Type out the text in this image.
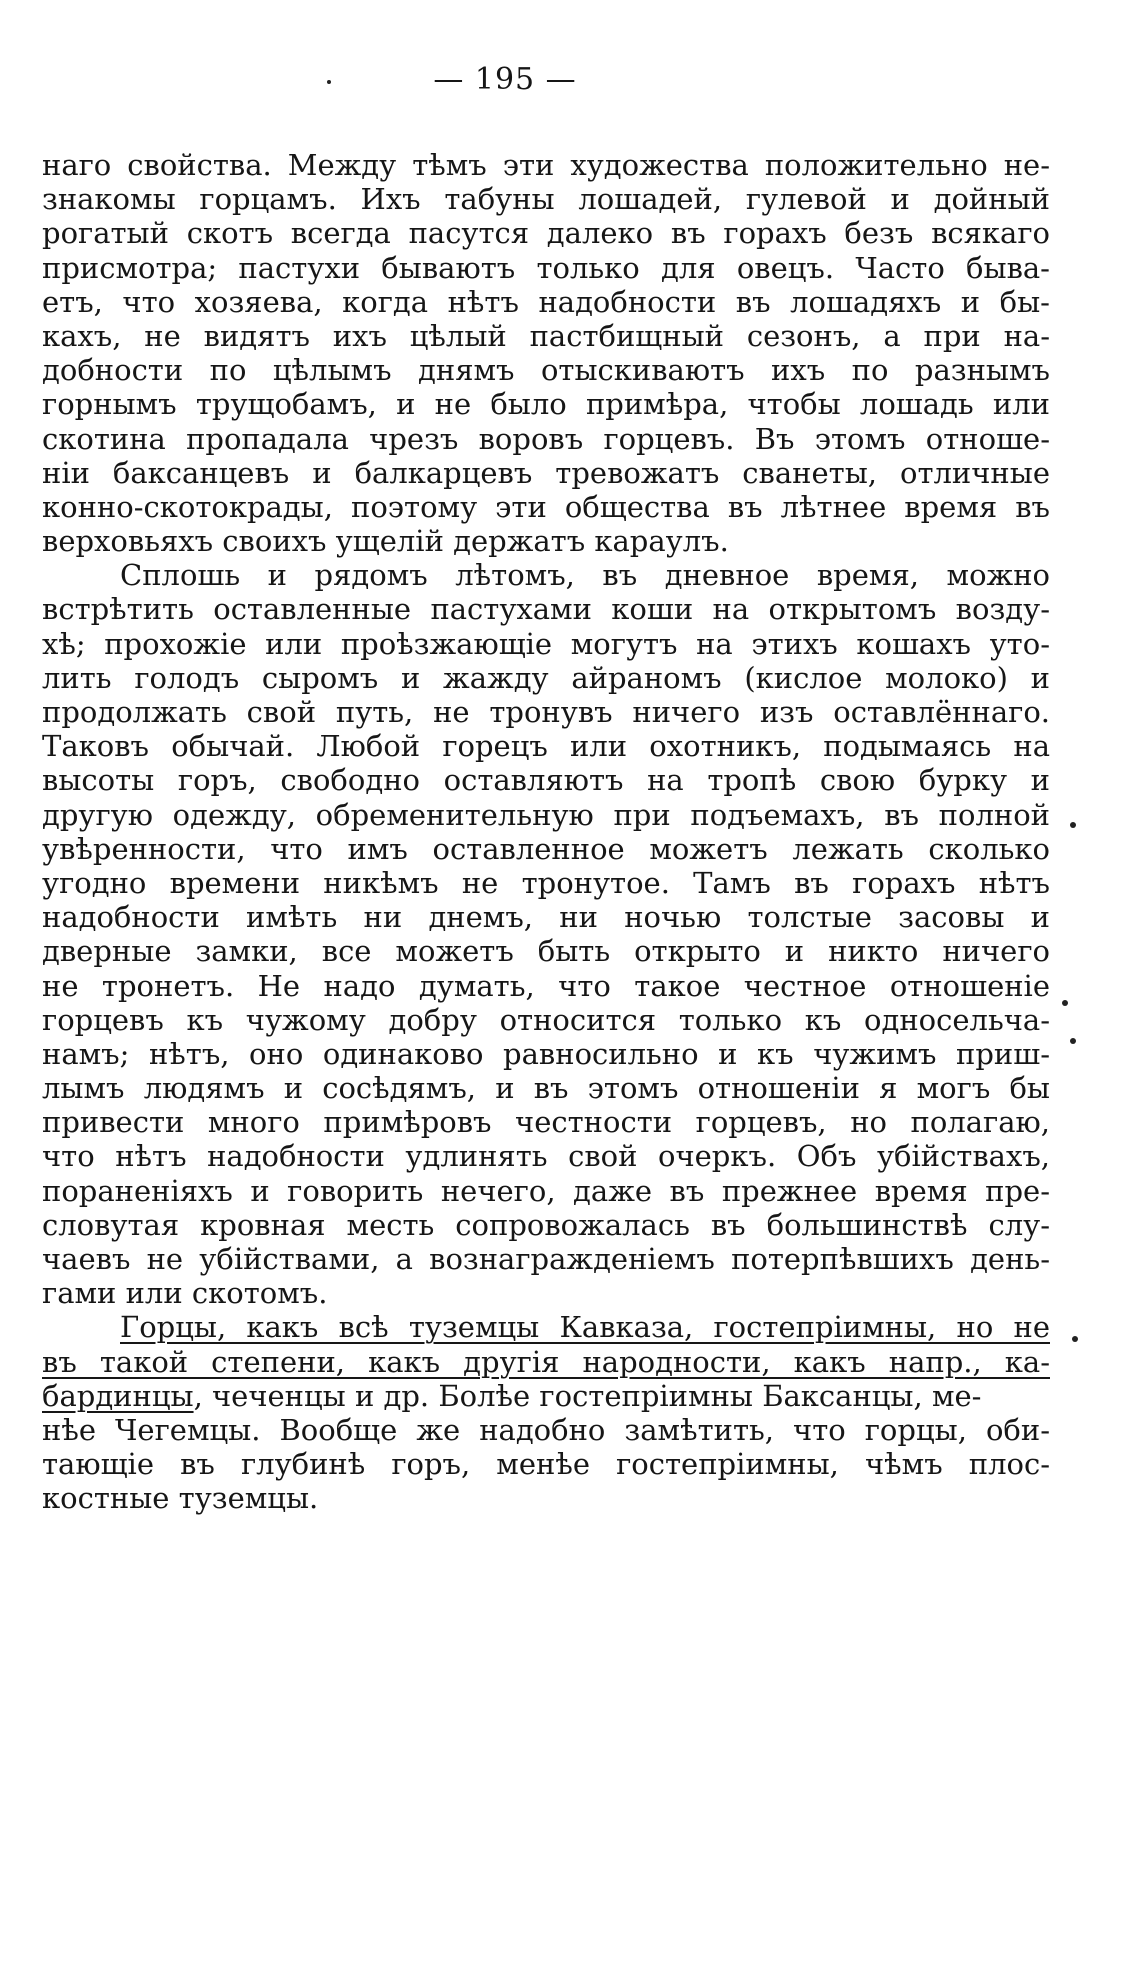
— 195 —
наго свойства. Между тѣмъ эти художества положительно не-
знакомы горцамъ. Ихъ табуны лошадей, гулевой и дойный
рогатый скотъ всегда пасутся далеко въ горахъ безъ всякаго
присмотра; пастухи бываютъ только для овецъ. Часто быва-
етъ, что хозяева, когда нѣтъ надобности въ лошадяхъ и бы-
кахъ, не видятъ ихъ цѣлый пастбищный сезонъ, а при на-
добности по цѣлымъ днямъ отыскиваютъ ихъ по разнымъ
горнымъ трущобамъ, и не было примѣра, чтобы лошадь или
скотина пропадала чрезъ воровъ горцевъ. Въ этомъ отноше-
нiи баксанцевъ и балкарцевъ тревожатъ сванеты, отличные
конно-скотокрады, поэтому эти общества въ лѣтнее время въ
верховьяхъ своихъ ущелiй держатъ караулъ.
Сплошь и рядомъ лѣтомъ, въ дневное время, можно
встрѣтить оставленные пастухами коши на открытомъ возду-
хѣ; прохожiе или проѣзжающiе могутъ на этихъ кошахъ уто-
лить голодъ сыромъ и жажду айраномъ (кислое молоко) и
продолжать свой путь, не тронувъ ничего изъ оставлённаго.
Таковъ обычай. Любой горецъ или охотникъ, подымаясь на
высоты горъ, свободно оставляютъ на тропѣ свою бурку и
другую одежду, обременительную при подъемахъ, въ полной
увѣренности, что имъ оставленное можетъ лежать сколько
угодно времени никѣмъ не тронутое. Тамъ въ горахъ нѣтъ
надобности имѣть ни днемъ, ни ночью толстые засовы и
дверные замки, все можетъ быть открыто и никто ничего
не тронетъ. Не надо думать, что такое честное отношенiе
горцевъ къ чужому добру относится только къ односельча-
намъ; нѣтъ, оно одинаково равносильно и къ чужимъ приш-
лымъ людямъ и сосѣдямъ, и въ этомъ отношенiи я могъ бы
привести много примѣровъ честности горцевъ, но полагаю,
что нѣтъ надобности удлинять свой очеркъ. Объ убiйствахъ,
пораненiяхъ и говорить нечего, даже въ прежнее время пре-
словутая кровная месть сопровожалась въ большинствѣ слу-
чаевъ не убiйствами, а вознагражденiемъ потерпѣвшихъ день-
гами или скотомъ.
Горцы, какъ всѣ туземцы Кавказа, гостепрiимны, но не
въ такой степени, какъ другiя народности, какъ напр., ка-
бардинцы, чеченцы и др. Болѣе гостепрiимны Баксанцы, ме-
нѣе Чегемцы. Вообще же надобно замѣтить, что горцы, оби-
тающiе въ глубинѣ горъ, менѣе гостепрiимны, чѣмъ плос-
костные туземцы.
